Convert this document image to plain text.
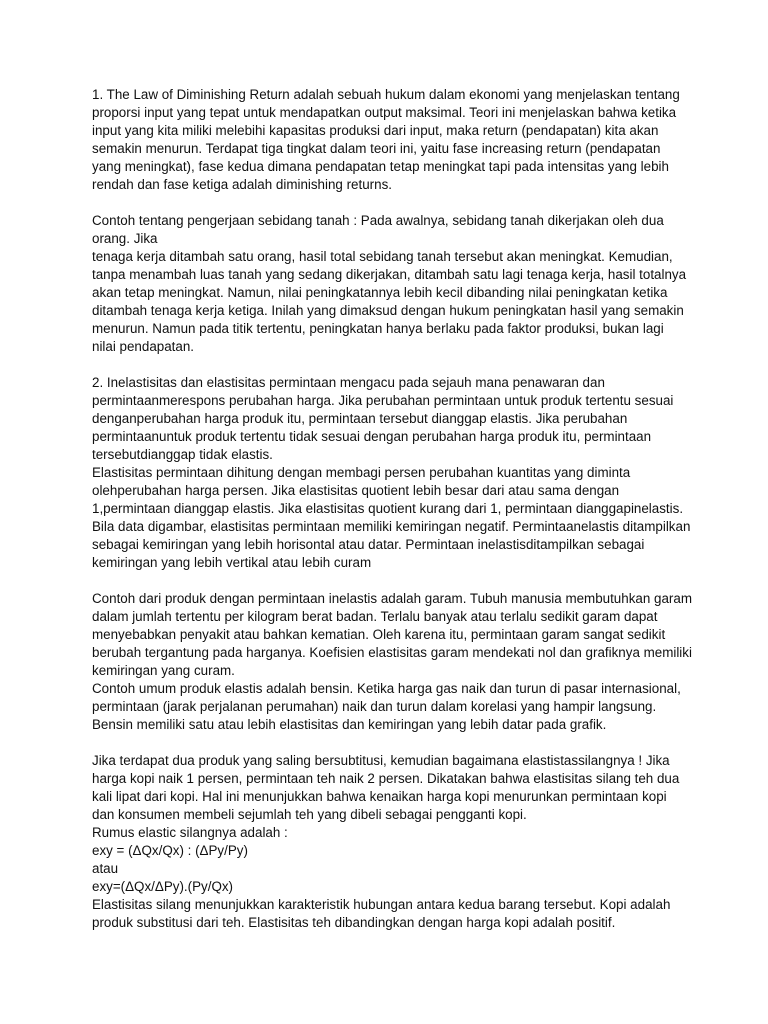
1. The Law of Diminishing Return adalah sebuah hukum dalam ekonomi yang menjelaskan tentang
proporsi input yang tepat untuk mendapatkan output maksimal. Teori ini menjelaskan bahwa ketika
input yang kita miliki melebihi kapasitas produksi dari input, maka return (pendapatan) kita akan
semakin menurun. Terdapat tiga tingkat dalam teori ini, yaitu fase increasing return (pendapatan
yang meningkat), fase kedua dimana pendapatan tetap meningkat tapi pada intensitas yang lebih
rendah dan fase ketiga adalah diminishing returns.
Contoh tentang pengerjaan sebidang tanah : Pada awalnya, sebidang tanah dikerjakan oleh dua
orang. Jika
tenaga kerja ditambah satu orang, hasil total sebidang tanah tersebut akan meningkat. Kemudian,
tanpa menambah luas tanah yang sedang dikerjakan, ditambah satu lagi tenaga kerja, hasil totalnya
akan tetap meningkat. Namun, nilai peningkatannya lebih kecil dibanding nilai peningkatan ketika
ditambah tenaga kerja ketiga. Inilah yang dimaksud dengan hukum peningkatan hasil yang semakin
menurun. Namun pada titik tertentu, peningkatan hanya berlaku pada faktor produksi, bukan lagi
nilai pendapatan.
2. Inelastisitas dan elastisitas permintaan mengacu pada sejauh mana penawaran dan
permintaanmerespons perubahan harga. Jika perubahan permintaan untuk produk tertentu sesuai
denganperubahan harga produk itu, permintaan tersebut dianggap elastis. Jika perubahan
permintaanuntuk produk tertentu tidak sesuai dengan perubahan harga produk itu, permintaan
tersebutdianggap tidak elastis.
Elastisitas permintaan dihitung dengan membagi persen perubahan kuantitas yang diminta
olehperubahan harga persen. Jika elastisitas quotient lebih besar dari atau sama dengan
1,permintaan dianggap elastis. Jika elastisitas quotient kurang dari 1, permintaan dianggapinelastis.
Bila data digambar, elastisitas permintaan memiliki kemiringan negatif. Permintaanelastis ditampilkan
sebagai kemiringan yang lebih horisontal atau datar. Permintaan inelastisditampilkan sebagai
kemiringan yang lebih vertikal atau lebih curam
Contoh dari produk dengan permintaan inelastis adalah garam. Tubuh manusia membutuhkan garam
dalam jumlah tertentu per kilogram berat badan. Terlalu banyak atau terlalu sedikit garam dapat
menyebabkan penyakit atau bahkan kematian. Oleh karena itu, permintaan garam sangat sedikit
berubah tergantung pada harganya. Koefisien elastisitas garam mendekati nol dan grafiknya memiliki
kemiringan yang curam.
Contoh umum produk elastis adalah bensin. Ketika harga gas naik dan turun di pasar internasional,
permintaan (jarak perjalanan perumahan) naik dan turun dalam korelasi yang hampir langsung.
Bensin memiliki satu atau lebih elastisitas dan kemiringan yang lebih datar pada grafik.
Jika terdapat dua produk yang saling bersubtitusi, kemudian bagaimana elastistassilangnya ! Jika
harga kopi naik 1 persen, permintaan teh naik 2 persen. Dikatakan bahwa elastisitas silang teh dua
kali lipat dari kopi. Hal ini menunjukkan bahwa kenaikan harga kopi menurunkan permintaan kopi
dan konsumen membeli sejumlah teh yang dibeli sebagai pengganti kopi.
Rumus elastic silangnya adalah :
exy = (ΔQx/Qx) : (ΔPy/Py)
atau
exy=(ΔQx/ΔPy).(Py/Qx)
Elastisitas silang menunjukkan karakteristik hubungan antara kedua barang tersebut. Kopi adalah
produk substitusi dari teh. Elastisitas teh dibandingkan dengan harga kopi adalah positif.
